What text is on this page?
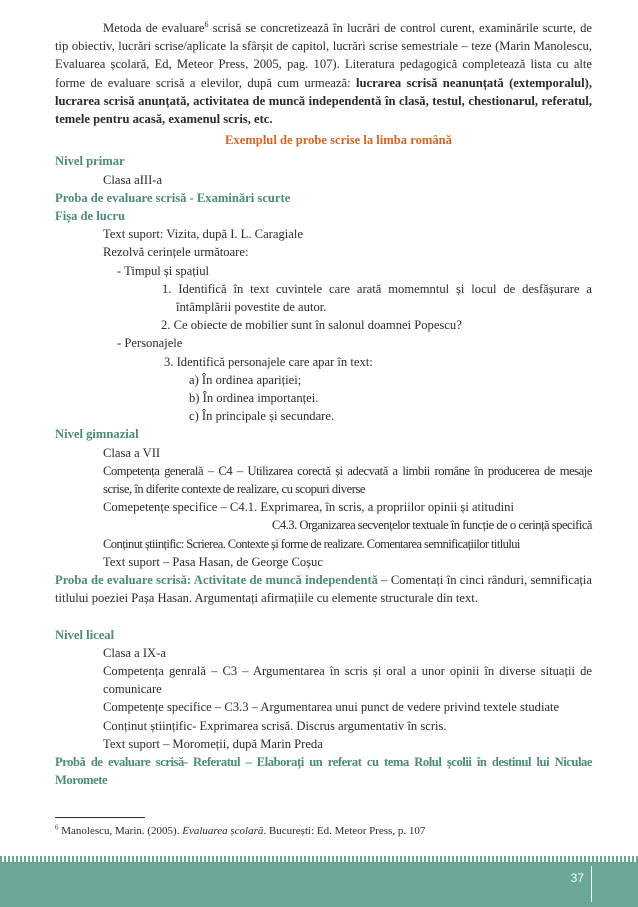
Metoda de evaluare$^6$ scrisă se concretizează în lucrări de control curent, examinările scurte, de tip obiectiv, lucrări scrise/aplicate la sfârșit de capitol, lucrări scrise semestriale – teze (Marin Manolescu, Evaluarea școlară, Ed, Meteor Press, 2005, pag. 107). Literatura pedagogică completează lista cu alte forme de evaluare scrisă a elevilor, după cum urmează: lucrarea scrisă neanunțată (extemporalul), lucrarea scrisă anunțată, activitatea de muncă independentă în clasă, testul, chestionarul, referatul, temele pentru acasă, examenul scris, etc.
Exemplul de probe scrise la limba română
Nivel primar
Clasa aIII-a
Proba de evaluare scrisă - Examinări scurte
Fișa de lucru
Text suport: Vizita, după I. L. Caragiale
Rezolvă cerințele următoare:
- Timpul și spațiul
1. Identifică în text cuvintele care arată momemntul și locul de desfășurare a întâmplării povestite de autor.
2. Ce obiecte de mobilier sunt în salonul doamnei Popescu?
- Personajele
3. Identifică personajele care apar în text:
a) În ordinea apariției;
b) În ordinea importanței.
c) În principale și secundare.
Nivel gimnazial
Clasa a VII
Competența generală – C4 – Utilizarea corectă și adecvată a limbii române în producerea de mesaje scrise, în diferite contexte de realizare, cu scopuri diverse
Comepetențe specifice – C4.1. Exprimarea, în scris, a propriilor opinii și atitudini
C4.3. Organizarea secvențelor textuale în funcție de o cerință specifică
Conținut științific: Scrierea. Contexte și forme de realizare. Comentarea semnificațiilor titlului
Text suport – Pasa Hasan, de George Coșuc
Proba de evaluare scrisă: Activitate de muncă independentă – Comentați în cinci rânduri, semnificația titlului poeziei Pașa Hasan. Argumentați afirmațiile cu elemente structurale din text.
Nivel liceal
Clasa a IX-a
Competența genrală – C3 – Argumentarea în scris și oral a unor opinii în diverse situații de comunicare
Competențe specifice – C3.3 – Argumentarea unui punct de vedere privind textele studiate
Conținut științific- Exprimarea scrisă. Discrus argumentativ în scris.
Text suport – Moromeții, după Marin Preda
Probă de evaluare scrisă- Referatul – Elaborați un referat cu tema Rolul școlii în destinul lui Niculae Moromete
$^6$ Manolescu, Marin. (2005). Evaluarea școlară. București: Ed. Meteor Press, p. 107
37
